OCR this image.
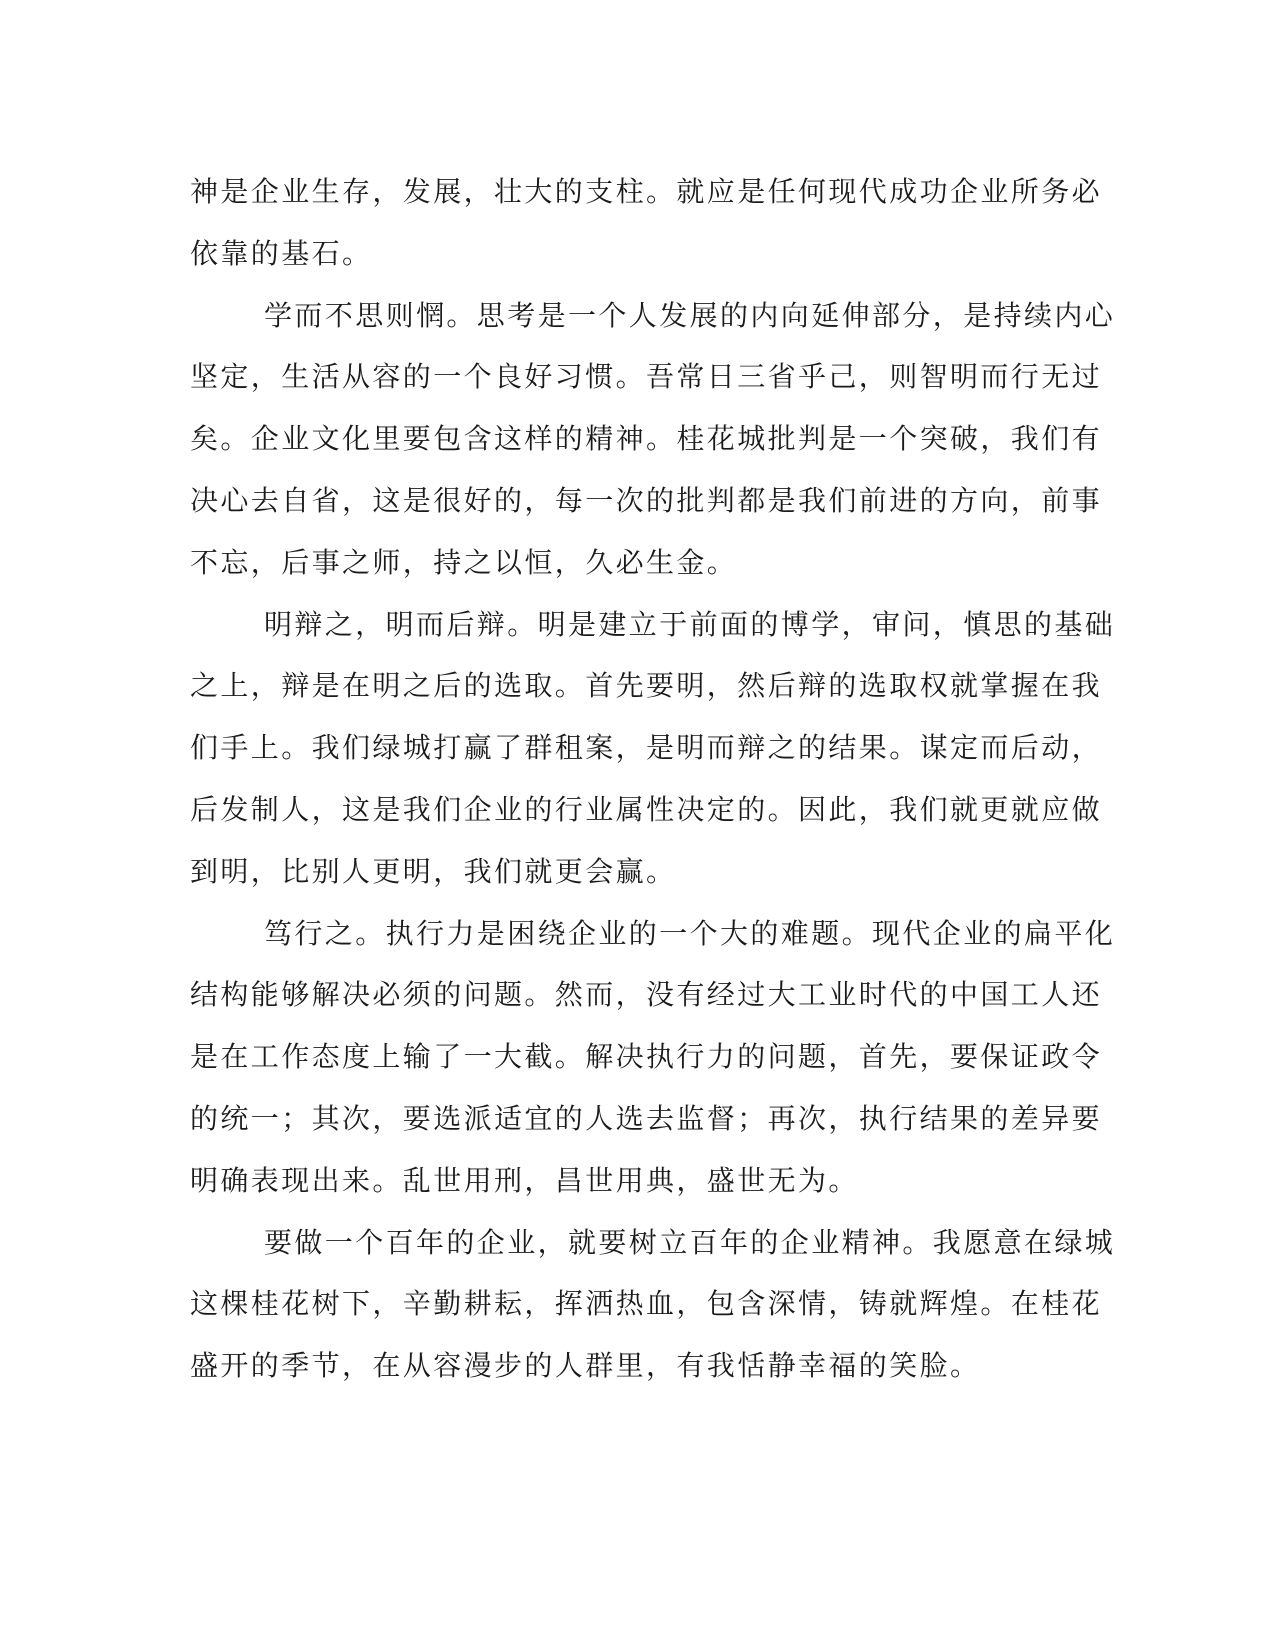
神是企业生存，发展，壮大的支柱。就应是任何现代成功企业所务必
依靠的基石。
学而不思则惘。思考是一个人发展的内向延伸部分，是持续内心
坚定，生活从容的一个良好习惯。吾常日三省乎己，则智明而行无过
矣。企业文化里要包含这样的精神。桂花城批判是一个突破，我们有
决心去自省，这是很好的，每一次的批判都是我们前进的方向，前事
不忘，后事之师，持之以恒，久必生金。
明辩之，明而后辩。明是建立于前面的博学，审问，慎思的基础
之上，辩是在明之后的选取。首先要明，然后辩的选取权就掌握在我
们手上。我们绿城打赢了群租案，是明而辩之的结果。谋定而后动，
后发制人，这是我们企业的行业属性决定的。因此，我们就更就应做
到明，比别人更明，我们就更会赢。
笃行之。执行力是困绕企业的一个大的难题。现代企业的扁平化
结构能够解决必须的问题。然而，没有经过大工业时代的中国工人还
是在工作态度上输了一大截。解决执行力的问题，首先，要保证政令
的统一；其次，要选派适宜的人选去监督；再次，执行结果的差异要
明确表现出来。乱世用刑，昌世用典，盛世无为。
要做一个百年的企业，就要树立百年的企业精神。我愿意在绿城
这棵桂花树下，辛勤耕耘，挥洒热血，包含深情，铸就辉煌。在桂花
盛开的季节，在从容漫步的人群里，有我恬静幸福的笑脸。
